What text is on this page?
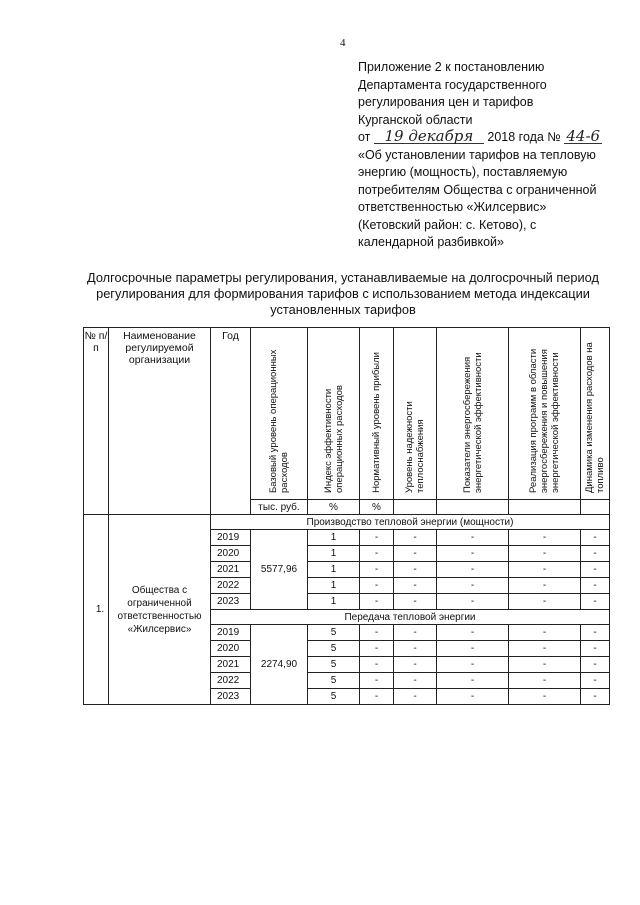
4
Приложение 2 к постановлению
Департамента государственного
регулирования цен и тарифов
Курганской области
от 19 декабря 2018 года № 44-6
«Об установлении тарифов на тепловую
энергию (мощность), поставляемую
потребителям Общества с ограниченной
ответственностью «Жилсервис»
(Кетовский район: с. Кетово), с
календарной разбивкой»
Долгосрочные параметры регулирования, устанавливаемые на долгосрочный период
регулирования для формирования тарифов с использованием метода индексации
установленных тарифов
№ п/п	Наименование регулируемой организации	Год	Базовый уровень операционных расходов	Индекс эффективности операционных расходов	Нормативный уровень прибыли	Уровень надежности теплоснабжения	Показатели энергосбережения энергетической эффективности	Реализация программ в области энергосбережения и повышения энергетической эффективности	Динамика изменения расходов на топливо
			тыс. руб.	%	%				
1.	Общества с ограниченной ответственностью «Жилсервис»	Производство тепловой энергии (мощности)							
		2019	5577,96	1	-	-	-	-	-
		2020		1	-	-	-	-	-
		2021		1	-	-	-	-	-
		2022		1	-	-	-	-	-
		2023		1	-	-	-	-	-
		Передача тепловой энергии							
		2019	2274,90	5	-	-	-	-	-
		2020		5	-	-	-	-	-
		2021		5	-	-	-	-	-
		2022		5	-	-	-	-	-
		2023		5	-	-	-	-	-
